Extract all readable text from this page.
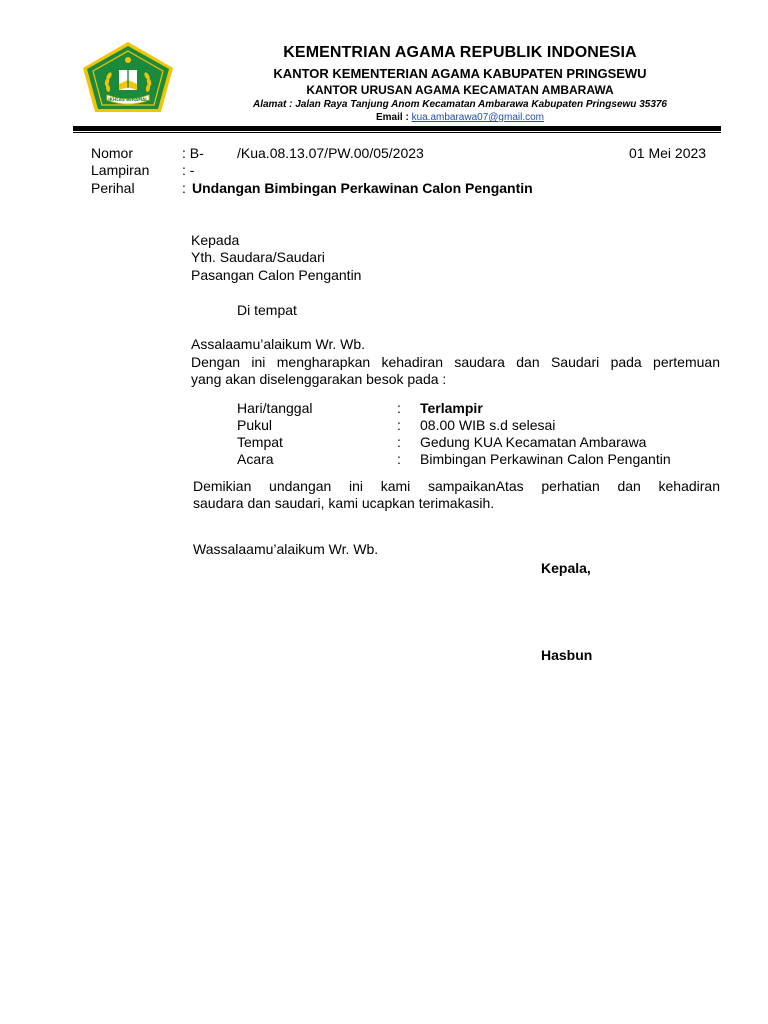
IKHLAS BERAMAL
KEMENTRIAN AGAMA REPUBLIK INDONESIA
KANTOR KEMENTERIAN AGAMA KABUPATEN PRINGSEWU
KANTOR URUSAN AGAMA KECAMATAN AMBARAWA
Alamat : Jalan Raya Tanjung Anom Kecamatan Ambarawa Kabupaten Pringsewu 35376
Email : kua.ambarawa07@gmail.com
Nomor	: B- /Kua.08.13.07/PW.00/05/2023	01 Mei 2023
Lampiran : -
Perihal	: Undangan Bimbingan Perkawinan Calon Pengantin
Kepada
Yth. Saudara/Saudari
Pasangan Calon Pengantin
Di tempat
Assalaamu’alaikum Wr. Wb.
Dengan ini mengharapkan kehadiran saudara dan Saudari pada pertemuan
yang akan diselenggarakan besok pada :
Hari/tanggal	: Terlampir
Pukul	: 08.00 WIB s.d selesai
Tempat	: Gedung KUA Kecamatan Ambarawa
Acara	: Bimbingan Perkawinan Calon Pengantin
Demikian undangan ini kami sampaikanAtas perhatian dan kehadiran
saudara dan saudari, kami ucapkan terimakasih.
Wassalaamu’alaikum Wr. Wb.
Kepala,
Hasbun
